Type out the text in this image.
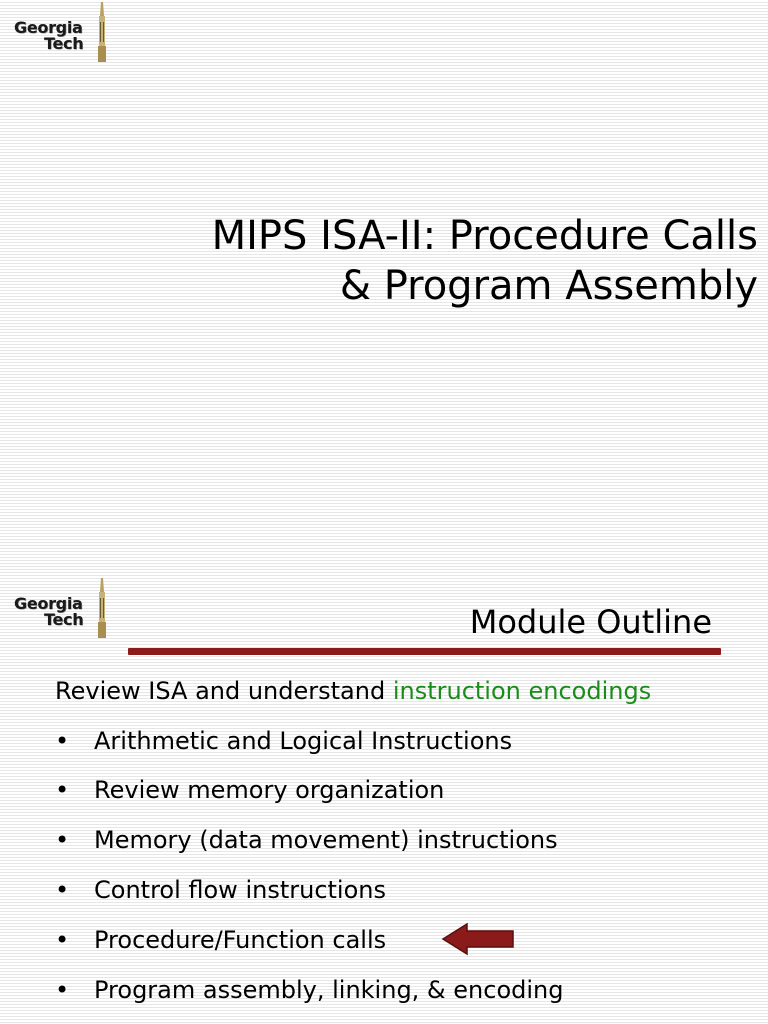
Georgia
Tech
MIPS ISA-II: Procedure Calls
& Program Assembly
Georgia
Tech	Module Outline
Review ISA and understand instruction encodings
• Arithmetic and Logical Instructions
• Review memory organization
• Memory (data movement) instructions
• Control flow instructions
• Procedure/Function calls
• Program assembly, linking, & encoding
